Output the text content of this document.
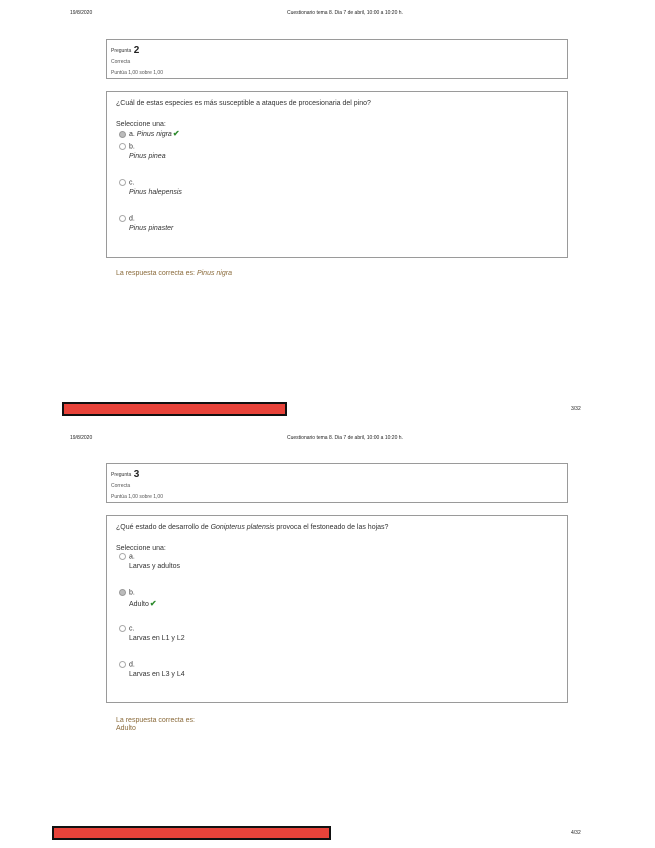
19/8/2020	Cuestionario tema 8. Dia 7 de abril, 10:00 a 10:20 h.
Pregunta 2
Correcta
Puntúa 1,00 sobre 1,00
¿Cuál de estas especies es más susceptible a ataques de procesionaria del pino?
Seleccione una:
a. Pinus nigra✔
b.
Pinus pinea
c.
Pinus halepensis
d.
Pinus pinaster
La respuesta correcta es: Pinus nigra
3/32
19/8/2020	Cuestionario tema 8. Dia 7 de abril, 10:00 a 10:20 h.
Pregunta 3
Correcta
Puntúa 1,00 sobre 1,00
¿Qué estado de desarrollo de Gonipterus platensis provoca el festoneado de las hojas?
Seleccione una:
a.
Larvas y adultos
b.
Adulto✔
c.
Larvas en L1 y L2
d.
Larvas en L3 y L4
La respuesta correcta es:
Adulto
4/32
